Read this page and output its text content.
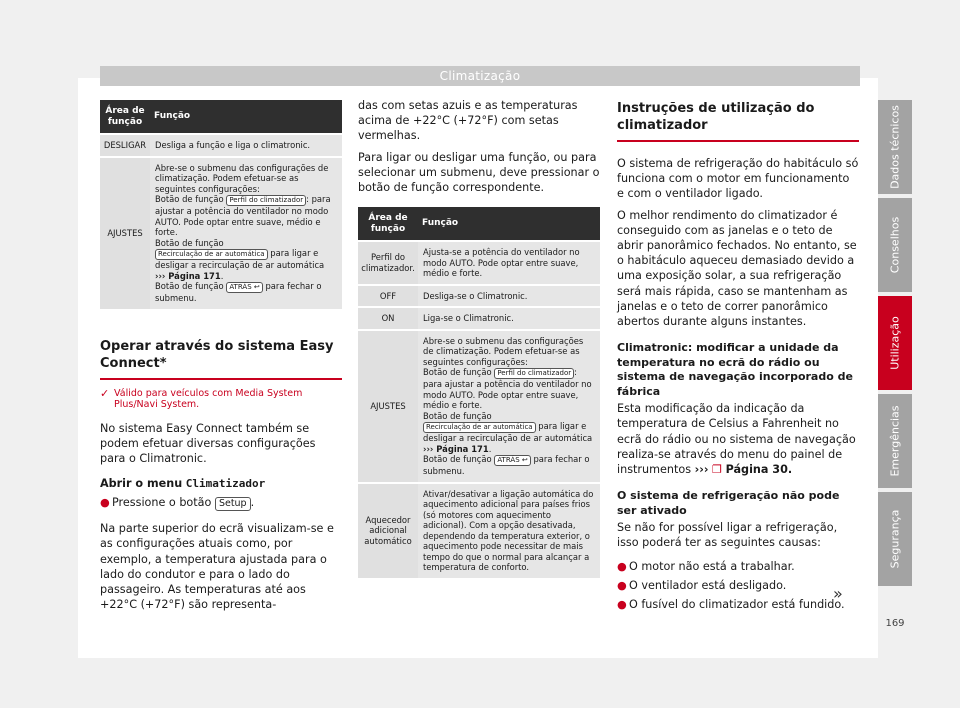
Climatização
Área de função	Função
DESLIGAR	Desliga a função e liga o climatronic.
AJUSTES	Abre-se o submenu das configurações de climatização. Podem efetuar-se as seguintes configurações:
Botão de função Perfil do climatizador : para ajustar a potência do ventilador no modo AUTO. Pode optar entre suave, médio e forte.
Botão de função Recirculação de ar automática para ligar e desligar a recirculação de ar automática ››› Página 171.
Botão de função ATRÁS ↩ para fechar o submenu.
Operar através do sistema Easy Connect*
✓ Válido para veículos com Media System Plus/Navi System.

No sistema Easy Connect também se podem efetuar diversas configurações para o Climatronic.

Abrir o menu Climatizador
● Pressione o botão Setup .

Na parte superior do ecrã visualizam-se e as configurações atuais como, por exemplo, a temperatura ajustada para o lado do condutor e para o lado do passageiro. As temperaturas até aos +22°C (+72°F) são representa-

das com setas azuis e as temperaturas acima de +22°C (+72°F) com setas vermelhas.

Para ligar ou desligar uma função, ou para selecionar um submenu, deve pressionar o botão de função correspondente.

Área de função	Função
Perfil do climatizador.	Ajusta-se a potência do ventilador no modo AUTO. Pode optar entre suave, médio e forte.
OFF	Desliga-se o Climatronic.
ON	Liga-se o Climatronic.
AJUSTES	Abre-se o submenu das configurações de climatização. Podem efetuar-se as seguintes configurações:
Botão de função Perfil do climatizador : para ajustar a potência do ventilador no modo AUTO. Pode optar entre suave, médio e forte.
Botão de função Recirculação de ar automática para ligar e desligar a recirculação de ar automática ››› Página 171.
Botão de função ATRÁS ↩ para fechar o submenu.

Aquecedor adicional automático	Ativar/desativar a ligação automática do aquecimento adicional para países frios (só motores com aquecimento adicional). Com a opção desativada, dependendo da temperatura exterior, o aquecimento pode necessitar de mais tempo do que o normal para alcançar a temperatura de conforto.
Instruções de utilização do climatizador

O sistema de refrigeração do habitáculo só funciona com o motor em funcionamento e com o ventilador ligado.

O melhor rendimento do climatizador é conseguido com as janelas e o teto de abrir panorâmico fechados. No entanto, se o habitáculo aqueceu demasiado devido a uma exposição solar, a sua refrigeração será mais rápida, caso se mantenham as janelas e o teto de correr panorâmico abertos durante alguns instantes.

Climatronic: modificar a unidade da temperatura no ecrã do rádio ou sistema de navegação incorporado de fábrica

Esta modificação da indicação da temperatura de Celsius a Fahrenheit no ecrã do rádio ou no sistema de navegação realiza-se através do menu do painel de instrumentos ››› ❐ Página 30.

O sistema de refrigeração não pode ser ativado

Se não for possível ligar a refrigeração, isso poderá ter as seguintes causas:

● O motor não está a trabalhar.
● O ventilador está desligado.
● O fusível do climatizador está fundido.
»
Dados técnicos
Conselhos
Utilização
Emergências
Segurança
169
